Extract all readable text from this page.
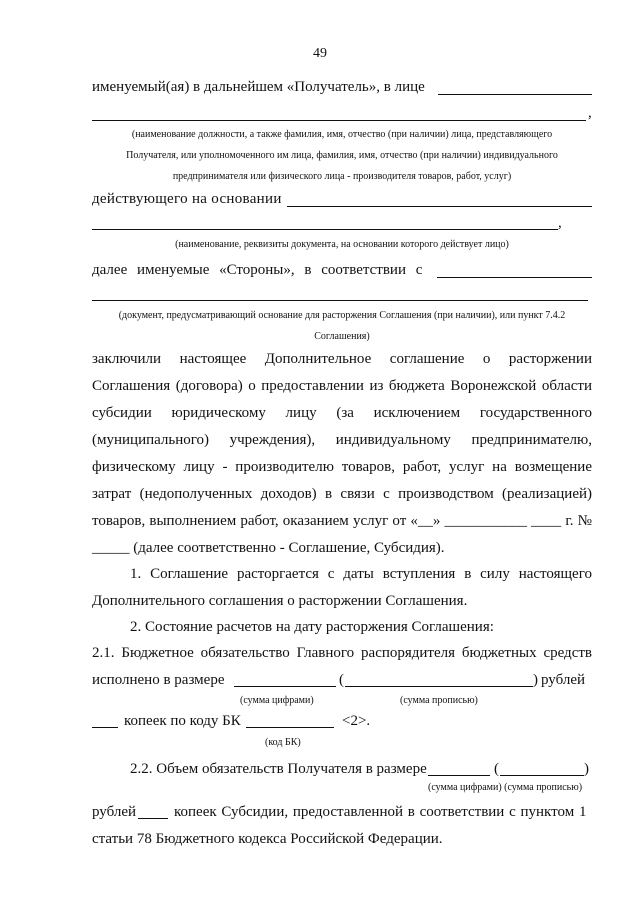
49
именуемый(ая) в дальнейшем «Получатель», в лице
,
(наименование должности, а также фамилия, имя, отчество (при наличии) лица, представляющего
Получателя, или уполномоченного им лица, фамилия, имя, отчество (при наличии) индивидуального
предпринимателя или физического лица - производителя товаров, работ, услуг)
действующего на основании
,
(наименование, реквизиты документа, на основании которого действует лицо)
далее именуемые «Стороны», в соответствии с
(документ, предусматривающий основание для расторжения Соглашения (при наличии), или пункт 7.4.2
Соглашения)
заключили настоящее Дополнительное соглашение о расторжении
Соглашения (договора) о предоставлении из бюджета Воронежской области
субсидии юридическому лицу (за исключением государственного
(муниципального) учреждения), индивидуальному предпринимателю,
физическому лицу - производителю товаров, работ, услуг на возмещение
затрат (недополученных доходов) в связи с производством (реализацией)
товаров, выполнением работ, оказанием услуг от «__» ___________ ____ г. №
_____ (далее соответственно - Соглашение, Субсидия).
1. Соглашение расторгается с даты вступления в силу настоящего
Дополнительного соглашения о расторжении Соглашения.
2. Состояние расчетов на дату расторжения Соглашения:
2.1. Бюджетное обязательство Главного распорядителя бюджетных средств
исполнено в размере	(	) рублей
(сумма цифрами)	(сумма прописью)
копеек по коду БК	<2>.
(код БК)
2.2. Объем обязательств Получателя в размере	(	)
(сумма цифрами) (сумма прописью)
рублей	копеек Субсидии, предоставленной в соответствии с пунктом 1
статьи 78 Бюджетного кодекса Российской Федерации.
